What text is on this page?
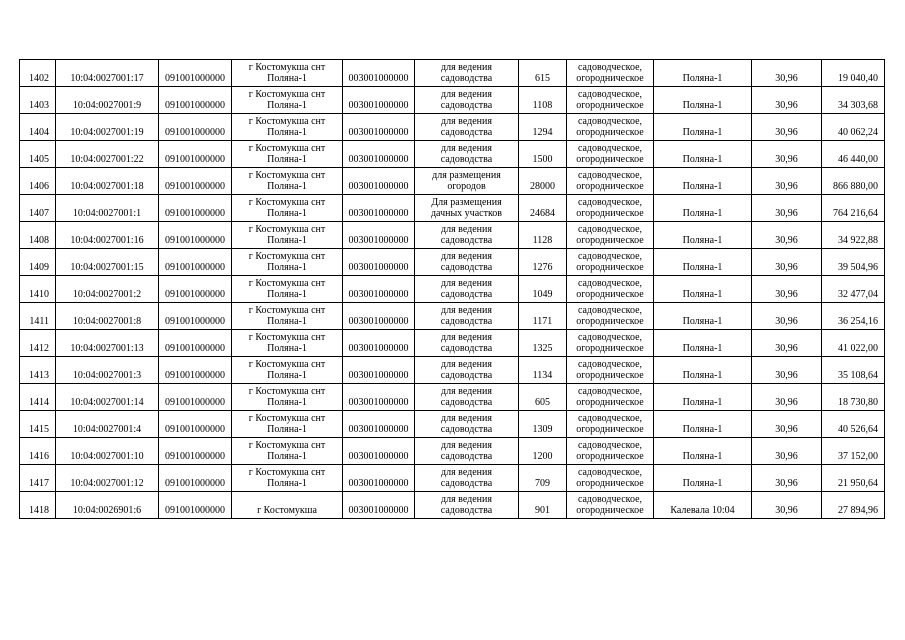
1402	10:04:0027001:17	091001000000	г Костомукша снт
Поляна-1	003001000000	для ведения
садоводства	615	садоводческое,
огородническое	Поляна-1	30,96	19 040,40
1403	10:04:0027001:9	091001000000	г Костомукша снт
Поляна-1	003001000000	для ведения
садоводства	1108	садоводческое,
огородническое	Поляна-1	30,96	34 303,68
1404	10:04:0027001:19	091001000000	г Костомукша снт
Поляна-1	003001000000	для ведения
садоводства	1294	садоводческое,
огородническое	Поляна-1	30,96	40 062,24
1405	10:04:0027001:22	091001000000	г Костомукша снт
Поляна-1	003001000000	для ведения
садоводства	1500	садоводческое,
огородническое	Поляна-1	30,96	46 440,00
1406	10:04:0027001:18	091001000000	г Костомукша снт
Поляна-1	003001000000	для размещения
огородов	28000	садоводческое,
огородническое	Поляна-1	30,96	866 880,00
1407	10:04:0027001:1	091001000000	г Костомукша снт
Поляна-1	003001000000	Для размещения
дачных участков	24684	садоводческое,
огородническое	Поляна-1	30,96	764 216,64
1408	10:04:0027001:16	091001000000	г Костомукша снт
Поляна-1	003001000000	для ведения
садоводства	1128	садоводческое,
огородническое	Поляна-1	30,96	34 922,88
1409	10:04:0027001:15	091001000000	г Костомукша снт
Поляна-1	003001000000	для ведения
садоводства	1276	садоводческое,
огородническое	Поляна-1	30,96	39 504,96
1410	10:04:0027001:2	091001000000	г Костомукша снт
Поляна-1	003001000000	для ведения
садоводства	1049	садоводческое,
огородническое	Поляна-1	30,96	32 477,04
1411	10:04:0027001:8	091001000000	г Костомукша снт
Поляна-1	003001000000	для ведения
садоводства	1171	садоводческое,
огородническое	Поляна-1	30,96	36 254,16
1412	10:04:0027001:13	091001000000	г Костомукша снт
Поляна-1	003001000000	для ведения
садоводства	1325	садоводческое,
огородническое	Поляна-1	30,96	41 022,00
1413	10:04:0027001:3	091001000000	г Костомукша снт
Поляна-1	003001000000	для ведения
садоводства	1134	садоводческое,
огородническое	Поляна-1	30,96	35 108,64
1414	10:04:0027001:14	091001000000	г Костомукша снт
Поляна-1	003001000000	для ведения
садоводства	605	садоводческое,
огородническое	Поляна-1	30,96	18 730,80
1415	10:04:0027001:4	091001000000	г Костомукша снт
Поляна-1	003001000000	для ведения
садоводства	1309	садоводческое,
огородническое	Поляна-1	30,96	40 526,64
1416	10:04:0027001:10	091001000000	г Костомукша снт
Поляна-1	003001000000	для ведения
садоводства	1200	садоводческое,
огородническое	Поляна-1	30,96	37 152,00
1417	10:04:0027001:12	091001000000	г Костомукша снт
Поляна-1	003001000000	для ведения
садоводства	709	садоводческое,
огородническое	Поляна-1	30,96	21 950,64
1418	10:04:0026901:6	091001000000	г Костомукша	003001000000	для ведения
садоводства	901	садоводческое,
огородническое	Калевала 10:04	30,96	27 894,96
